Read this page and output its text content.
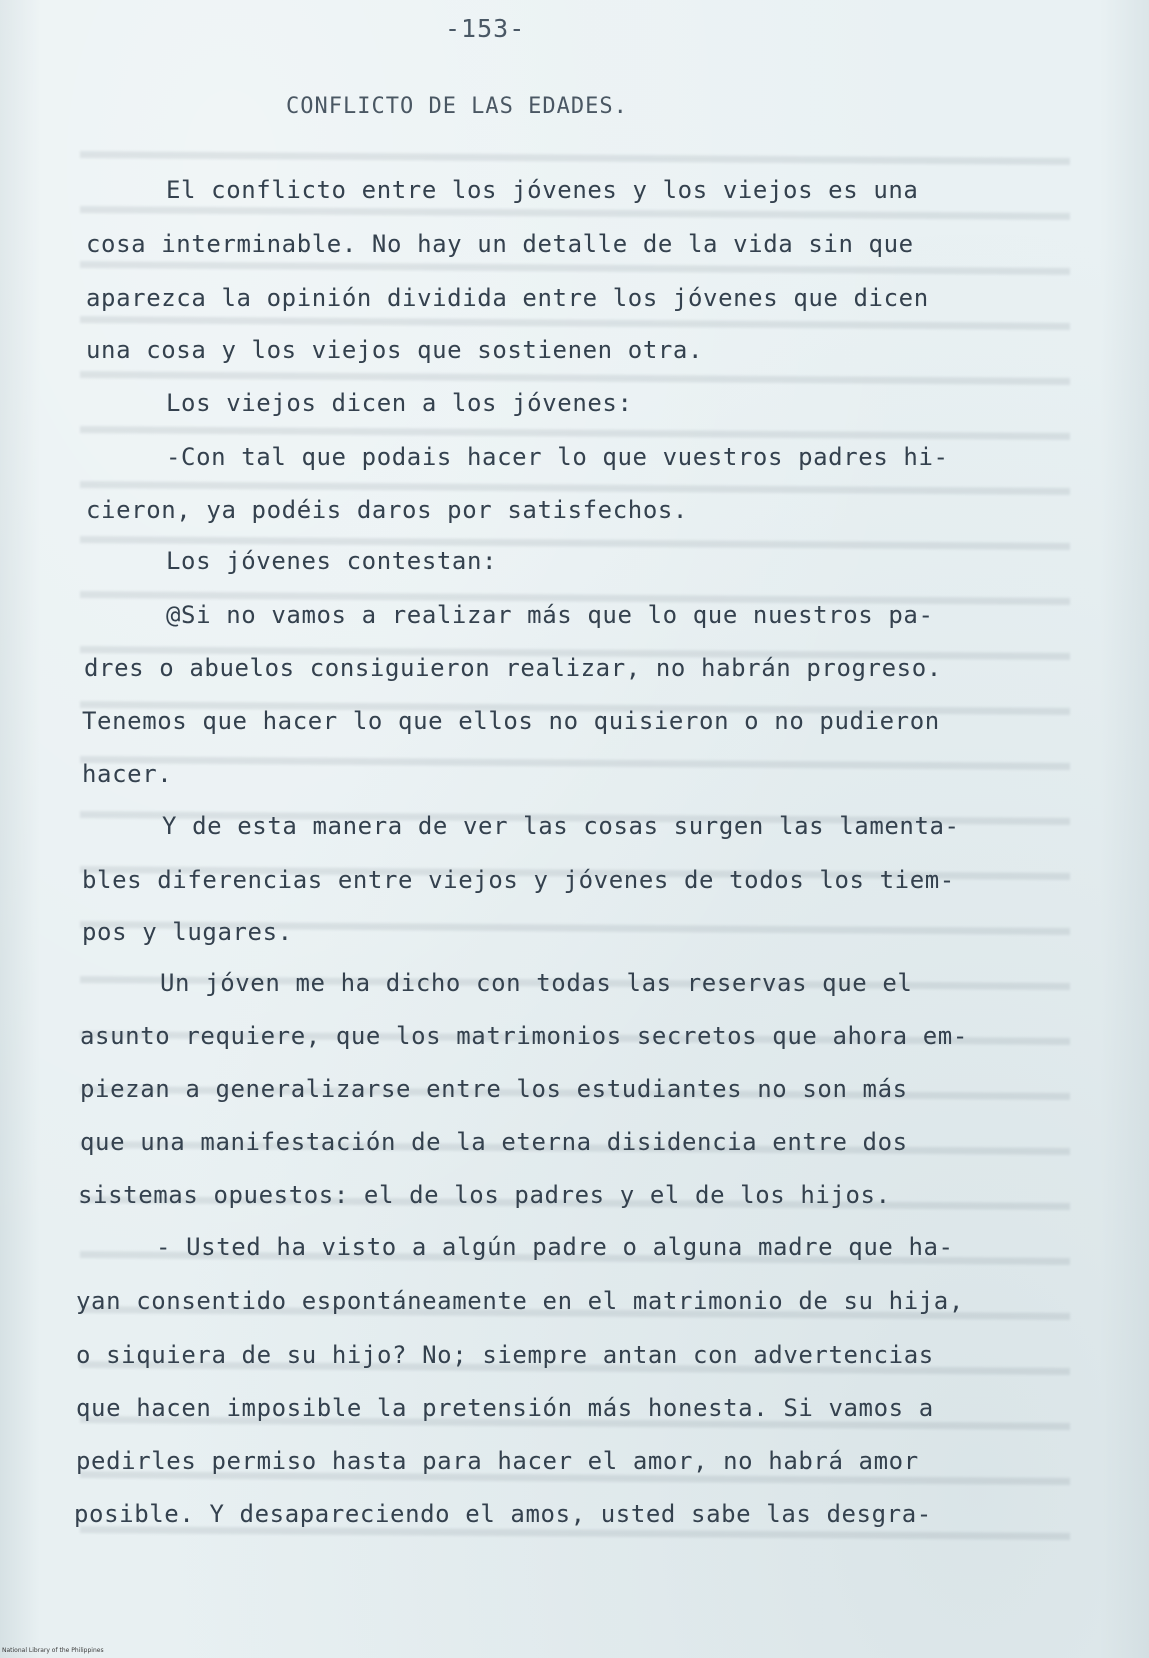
-153-
CONFLICTO DE LAS EDADES.
El conflicto entre los jóvenes y los viejos es una
cosa interminable. No hay un detalle de la vida sin que
aparezca la opinión dividida entre los jóvenes que dicen
una cosa y los viejos que sostienen otra.
Los viejos dicen a los jóvenes:
-Con tal que podais hacer lo que vuestros padres hi-
cieron, ya podéis daros por satisfechos.
Los jóvenes contestan:
@Si no vamos a realizar más que lo que nuestros pa-
dres o abuelos consiguieron realizar, no habrán progreso.
Tenemos que hacer lo que ellos no quisieron o no pudieron
hacer.
Y de esta manera de ver las cosas surgen las lamenta-
bles diferencias entre viejos y jóvenes de todos los tiem-
pos y lugares.
Un jóven me ha dicho con todas las reservas que el
asunto requiere, que los matrimonios secretos que ahora em-
piezan a generalizarse entre los estudiantes no son más
que una manifestación de la eterna disidencia entre dos
sistemas opuestos: el de los padres y el de los hijos.
- Usted ha visto a algún padre o alguna madre que ha-
yan consentido espontáneamente en el matrimonio de su hija,
o siquiera de su hijo? No; siempre antan con advertencias
que hacen imposible la pretensión más honesta. Si vamos a
pedirles permiso hasta para hacer el amor, no habrá amor
posible. Y desapareciendo el amos, usted sabe las desgra-
National Library of the Philippines
